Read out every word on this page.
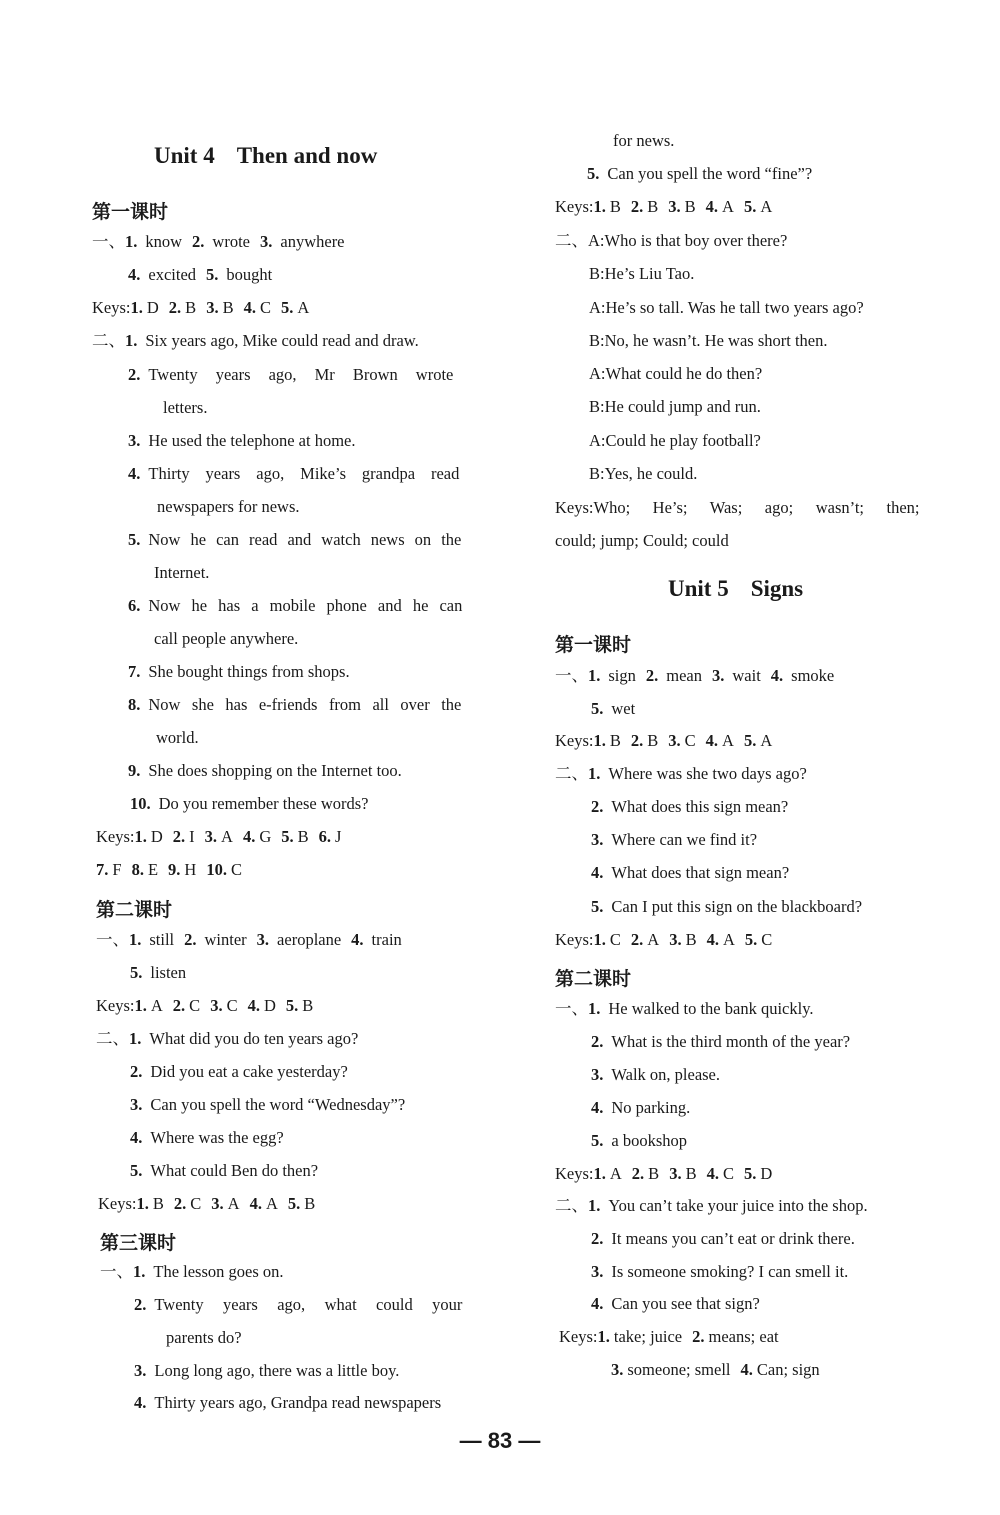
Unit 4 Then and now
第一课时
一、1. know 2. wrote 3. anywhere
4. excited 5. bought
Keys:1. D 2. B 3. B 4. C 5. A
二、1. Six years ago, Mike could read and draw.
2. Twenty years ago, Mr Brown wrote
letters.
3. He used the telephone at home.
4. Thirty years ago, Mike’s grandpa read
newspapers for news.
5. Now he can read and watch news on the
Internet.
6. Now he has a mobile phone and he can
call people anywhere.
7. She bought things from shops.
8. Now she has e-friends from all over the
world.
9. She does shopping on the Internet too.
10. Do you remember these words?
Keys:1. D 2. I 3. A 4. G 5. B 6. J
7. F 8. E 9. H 10. C
第二课时
一、1. still 2. winter 3. aeroplane 4. train
5. listen
Keys:1. A 2. C 3. C 4. D 5. B
二、1. What did you do ten years ago?
2. Did you eat a cake yesterday?
3. Can you spell the word “Wednesday”?
4. Where was the egg?
5. What could Ben do then?
Keys:1. B 2. C 3. A 4. A 5. B
第三课时
一、1. The lesson goes on.
2. Twenty years ago, what could your
parents do?
3. Long long ago, there was a little boy.
4. Thirty years ago, Grandpa read newspapers
for news.
5. Can you spell the word “fine”?
Keys:1. B 2. B 3. B 4. A 5. A
二、A:Who is that boy over there?
B:He’s Liu Tao.
A:He’s so tall. Was he tall two years ago?
B:No, he wasn’t. He was short then.
A:What could he do then?
B:He could jump and run.
A:Could he play football?
B:Yes, he could.
Keys:Who; He’s; Was; ago; wasn’t; then;
could; jump; Could; could
Unit 5 Signs
第一课时
一、1. sign 2. mean 3. wait 4. smoke
5. wet
Keys:1. B 2. B 3. C 4. A 5. A
二、1. Where was she two days ago?
2. What does this sign mean?
3. Where can we find it?
4. What does that sign mean?
5. Can I put this sign on the blackboard?
Keys:1. C 2. A 3. B 4. A 5. C
第二课时
一、1. He walked to the bank quickly.
2. What is the third month of the year?
3. Walk on, please.
4. No parking.
5. a bookshop
Keys:1. A 2. B 3. B 4. C 5. D
二、1. You can’t take your juice into the shop.
2. It means you can’t eat or drink there.
3. Is someone smoking? I can smell it.
4. Can you see that sign?
Keys:1. take; juice 2. means; eat
3. someone; smell 4. Can; sign
— 83 —
